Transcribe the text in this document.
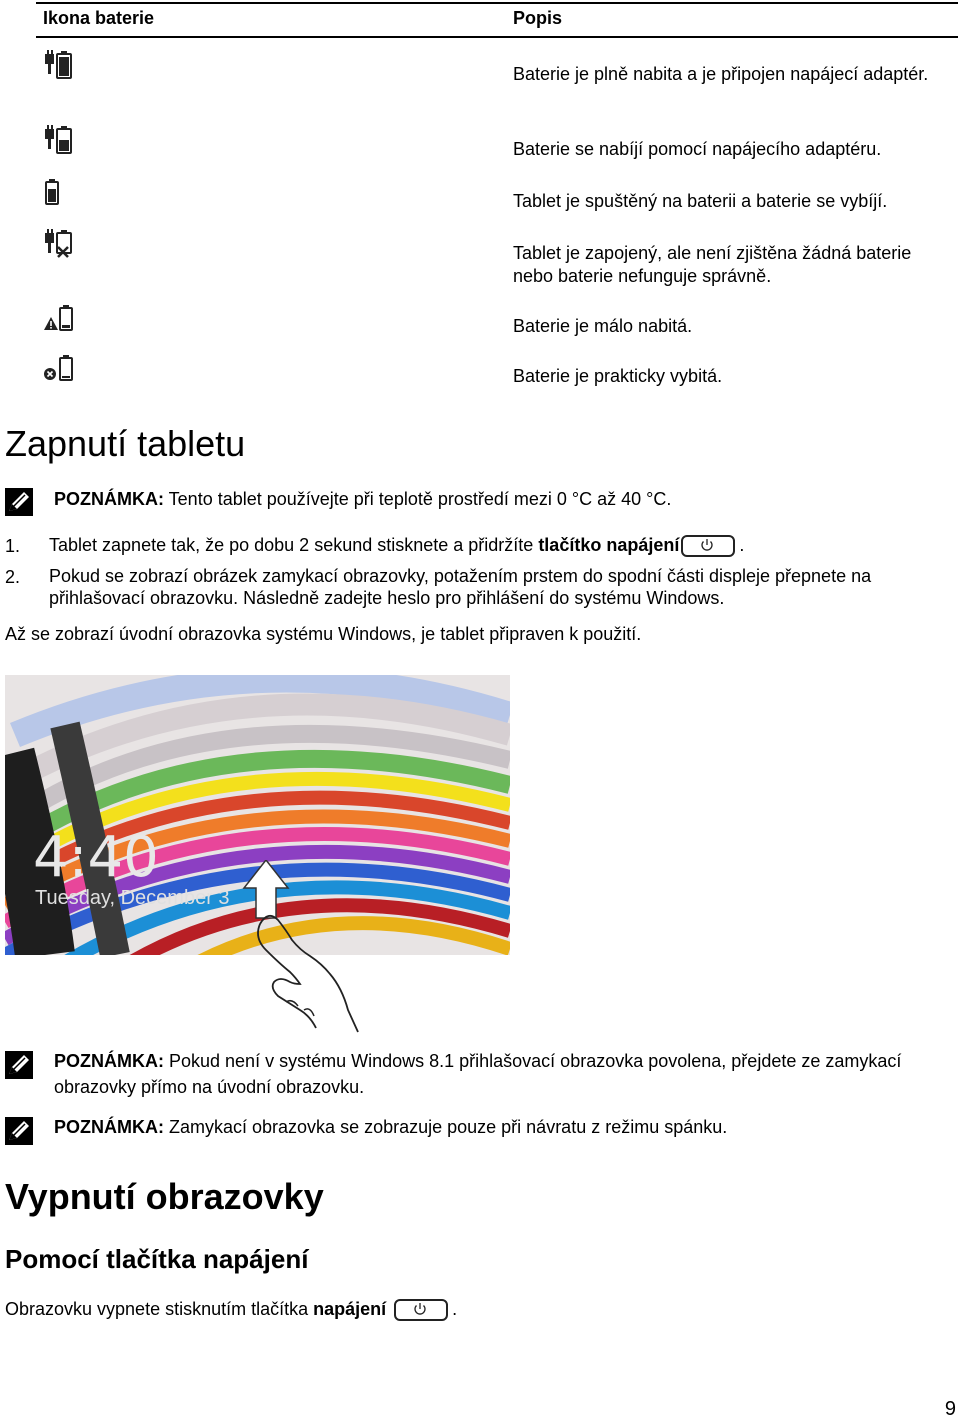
Ikona baterie	Popis
Baterie je plně nabita a je připojen napájecí adaptér.
Baterie se nabíjí pomocí napájecího adaptéru.
Tablet je spuštěný na baterii a baterie se vybíjí.
Tablet je zapojený, ale není zjištěna žádná baterie nebo baterie nefunguje správně.
Baterie je málo nabitá.
Baterie je prakticky vybitá.
Zapnutí tabletu
POZNÁMKA: Tento tablet používejte při teplotě prostředí mezi 0 °C až 40 °C.
1. Tablet zapnete tak, že po dobu 2 sekund stisknete a přidržíte tlačítko napájení	.
2. Pokud se zobrazí obrázek zamykací obrazovky, potažením prstem do spodní části displeje přepnete na přihlašovací obrazovku. Následně zadejte heslo pro přihlášení do systému Windows.
Až se zobrazí úvodní obrazovka systému Windows, je tablet připraven k použití.
4:40
Tuesday, December 3
POZNÁMKA: Pokud není v systému Windows 8.1 přihlašovací obrazovka povolena, přejdete ze zamykací obrazovky přímo na úvodní obrazovku.
POZNÁMKA: Zamykací obrazovka se zobrazuje pouze při návratu z režimu spánku.
Vypnutí obrazovky
Pomocí tlačítka napájení
Obrazovku vypnete stisknutím tlačítka napájení	.
9
